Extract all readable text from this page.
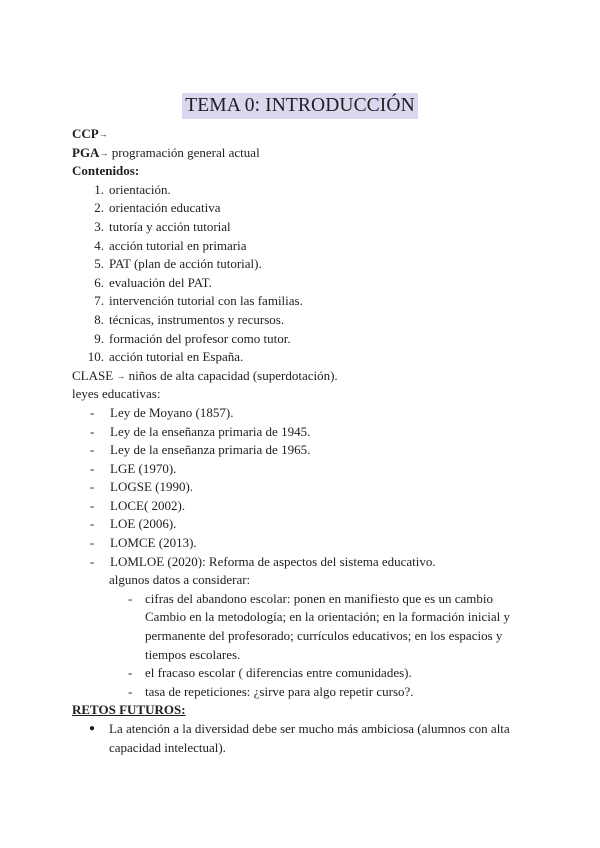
TEMA 0: INTRODUCCIÓN
CCP→
PGA→ programación general actual
Contenidos:
1. orientación.
2. orientación educativa
3. tutoría y acción tutorial
4. acción tutorial en primaria
5. PAT (plan de acción tutorial).
6. evaluación del PAT.
7. intervención tutorial con las familias.
8. técnicas, instrumentos y recursos.
9. formación del profesor como tutor.
10. acción tutorial en España.
CLASE → niños de alta capacidad (superdotación).
leyes educativas:
- Ley de Moyano (1857).
- Ley de la enseñanza primaria de 1945.
- Ley de la enseñanza primaria de 1965.
- LGE (1970).
- LOGSE (1990).
- LOCE( 2002).
- LOE (2006).
- LOMCE (2013).
- LOMLOE (2020): Reforma de aspectos del sistema educativo.
algunos datos a considerar:
- cifras del abandono escolar: ponen en manifiesto que es un cambio
Cambio en la metodología; en la orientación; en la formación inicial y
permanente del profesorado; currículos educativos; en los espacios y
tiempos escolares.
- el fracaso escolar ( diferencias entre comunidades).
- tasa de repeticiones: ¿sirve para algo repetir curso?.
RETOS FUTUROS:
● La atención a la diversidad debe ser mucho más ambiciosa (alumnos con alta
capacidad intelectual).
